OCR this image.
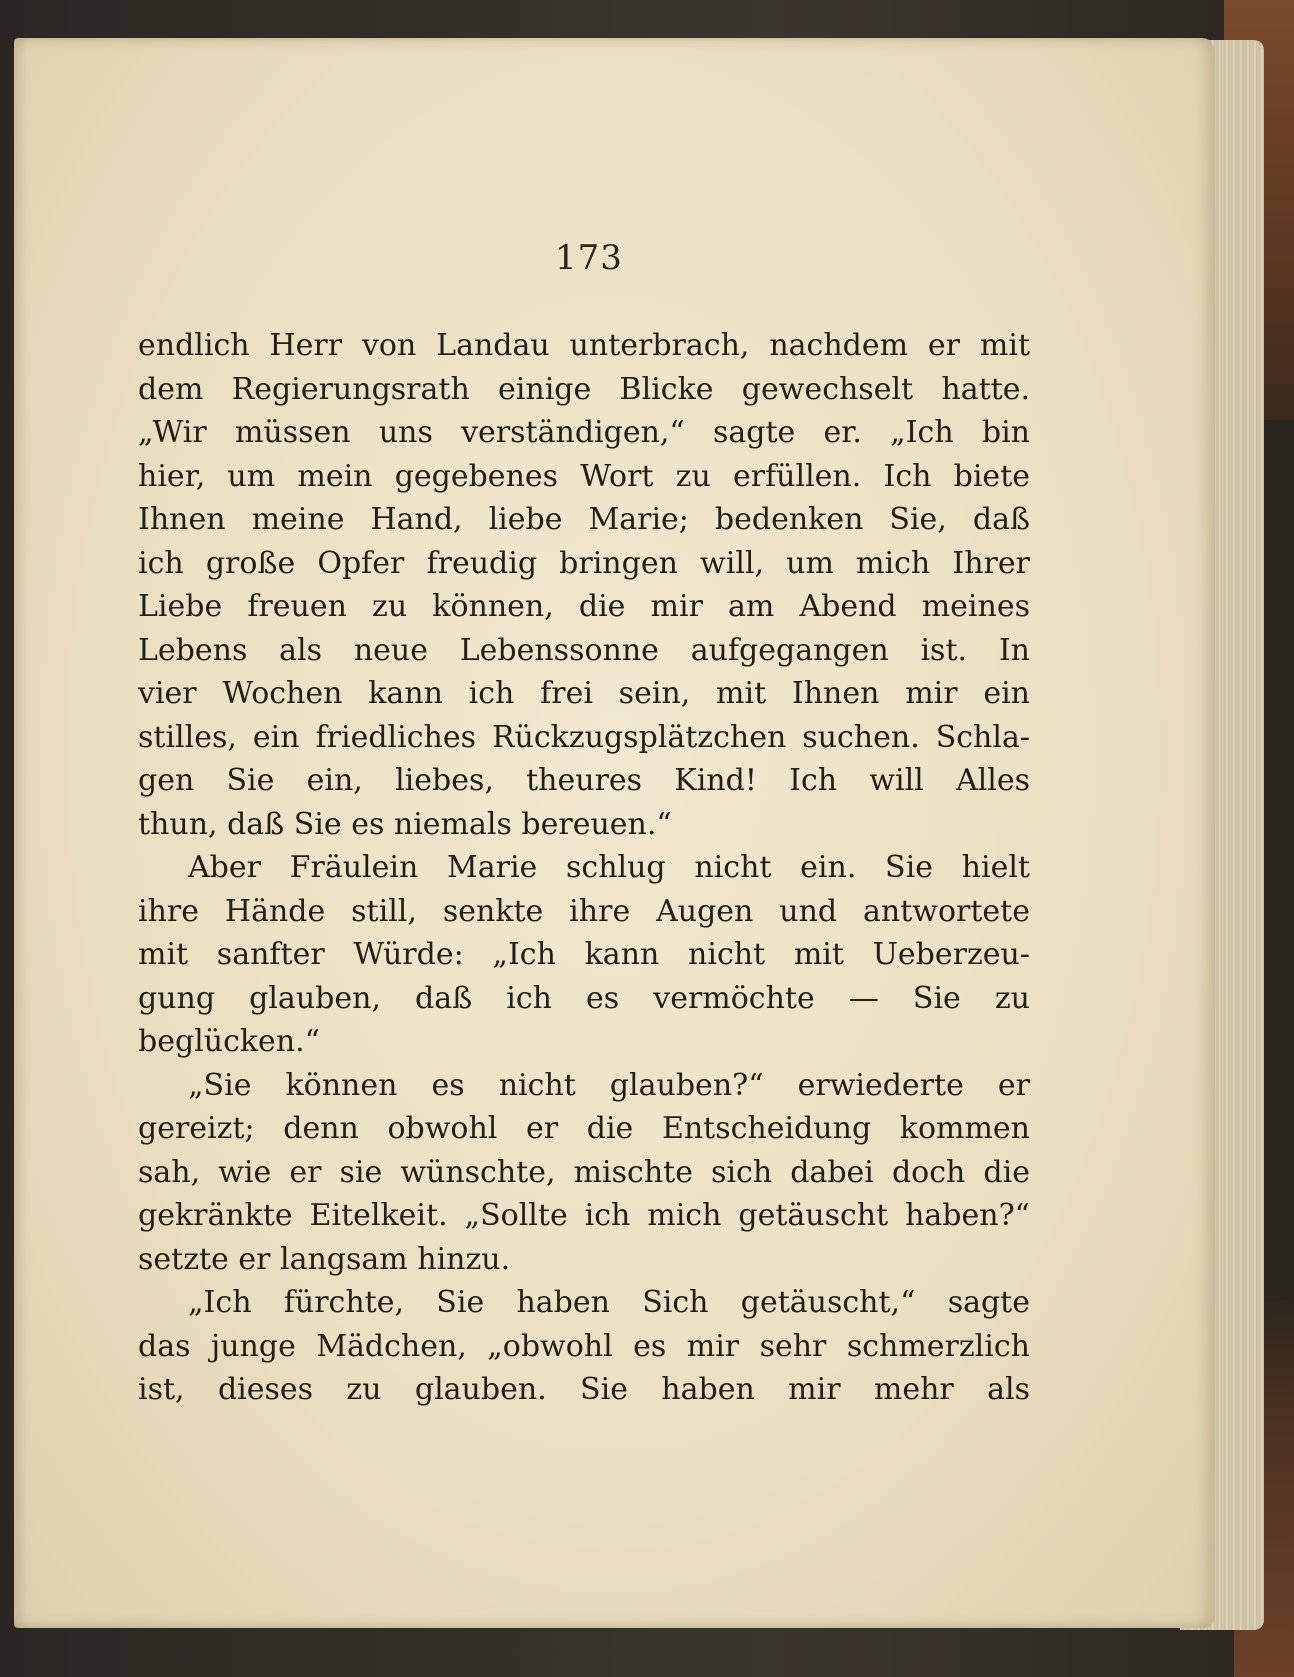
173
endlich Herr von Landau unterbrach, nachdem er mit
dem Regierungsrath einige Blicke gewechselt hatte.
„Wir müssen uns verständigen,“ sagte er. „Ich bin
hier, um mein gegebenes Wort zu erfüllen. Ich biete
Ihnen meine Hand, liebe Marie; bedenken Sie, daß
ich große Opfer freudig bringen will, um mich Ihrer
Liebe freuen zu können, die mir am Abend meines
Lebens als neue Lebenssonne aufgegangen ist. In
vier Wochen kann ich frei sein, mit Ihnen mir ein
stilles, ein friedliches Rückzugsplätzchen suchen. Schla-
gen Sie ein, liebes, theures Kind! Ich will Alles
thun, daß Sie es niemals bereuen.“
Aber Fräulein Marie schlug nicht ein. Sie hielt
ihre Hände still, senkte ihre Augen und antwortete
mit sanfter Würde: „Ich kann nicht mit Ueberzeu-
gung glauben, daß ich es vermöchte — Sie zu
beglücken.“
„Sie können es nicht glauben?“ erwiederte er
gereizt; denn obwohl er die Entscheidung kommen
sah, wie er sie wünschte, mischte sich dabei doch die
gekränkte Eitelkeit. „Sollte ich mich getäuscht haben?“
setzte er langsam hinzu.
„Ich fürchte, Sie haben Sich getäuscht,“ sagte
das junge Mädchen, „obwohl es mir sehr schmerzlich
ist, dieses zu glauben. Sie haben mir mehr als
